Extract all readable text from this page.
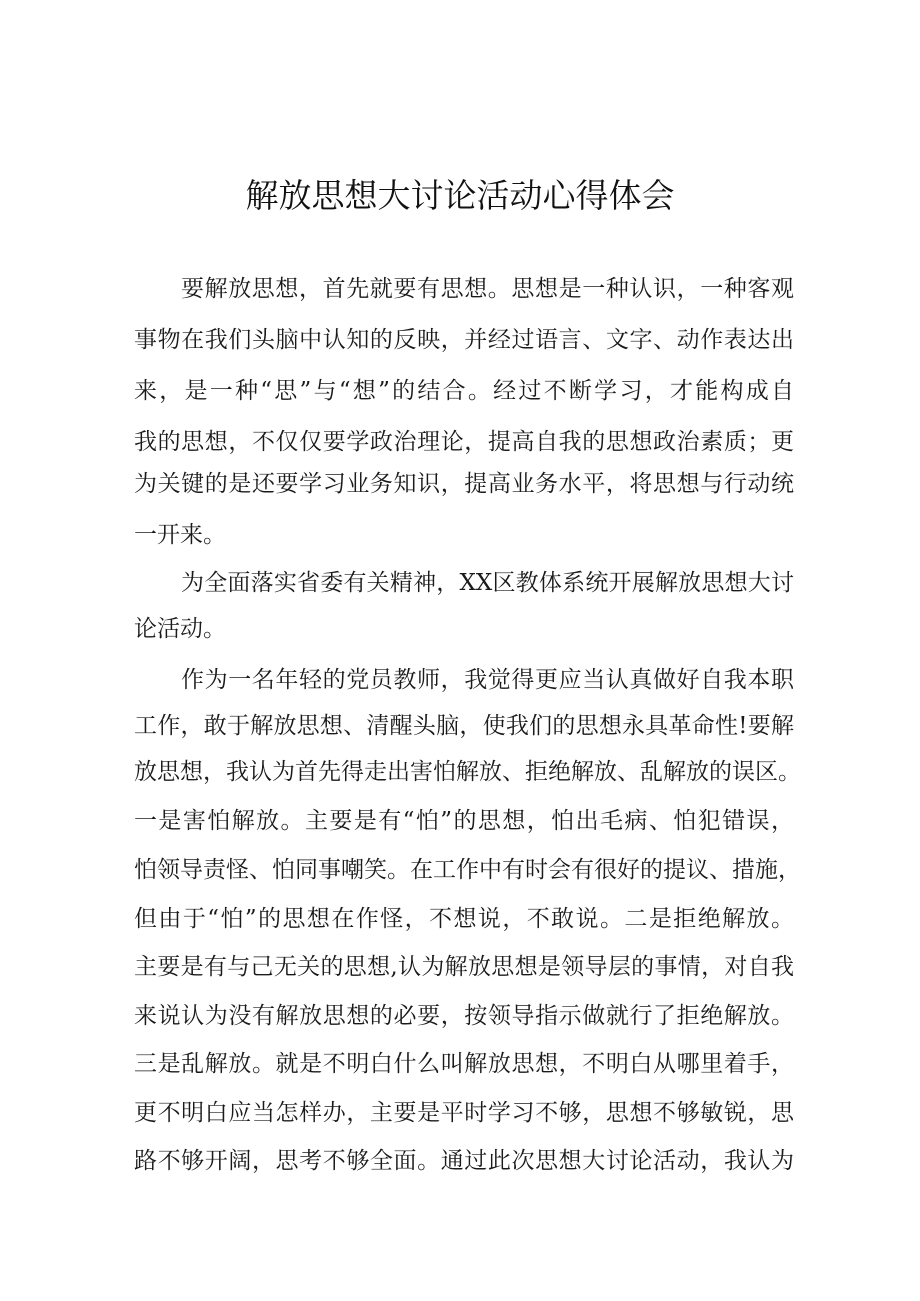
解放思想大讨论活动心得体会
要解放思想，首先就要有思想。思想是一种认识，一种客观
事物在我们头脑中认知的反映，并经过语言、文字、动作表达出
来，是一种“思”与“想”的结合。经过不断学习，才能构成自
我的思想，不仅仅要学政治理论，提高自我的思想政治素质；更
为关键的是还要学习业务知识，提高业务水平，将思想与行动统
一开来。
为全面落实省委有关精神，XX区教体系统开展解放思想大讨
论活动。
作为一名年轻的党员教师，我觉得更应当认真做好自我本职
工作，敢于解放思想、清醒头脑，使我们的思想永具革命性!要解
放思想，我认为首先得走出害怕解放、拒绝解放、乱解放的误区。
一是害怕解放。主要是有“怕”的思想，怕出毛病、怕犯错误，
怕领导责怪、怕同事嘲笑。在工作中有时会有很好的提议、措施，
但由于“怕”的思想在作怪，不想说，不敢说。二是拒绝解放。
主要是有与己无关的思想,认为解放思想是领导层的事情，对自我
来说认为没有解放思想的必要，按领导指示做就行了拒绝解放。
三是乱解放。就是不明白什么叫解放思想，不明白从哪里着手，
更不明白应当怎样办，主要是平时学习不够，思想不够敏锐，思
路不够开阔，思考不够全面。通过此次思想大讨论活动，我认为
